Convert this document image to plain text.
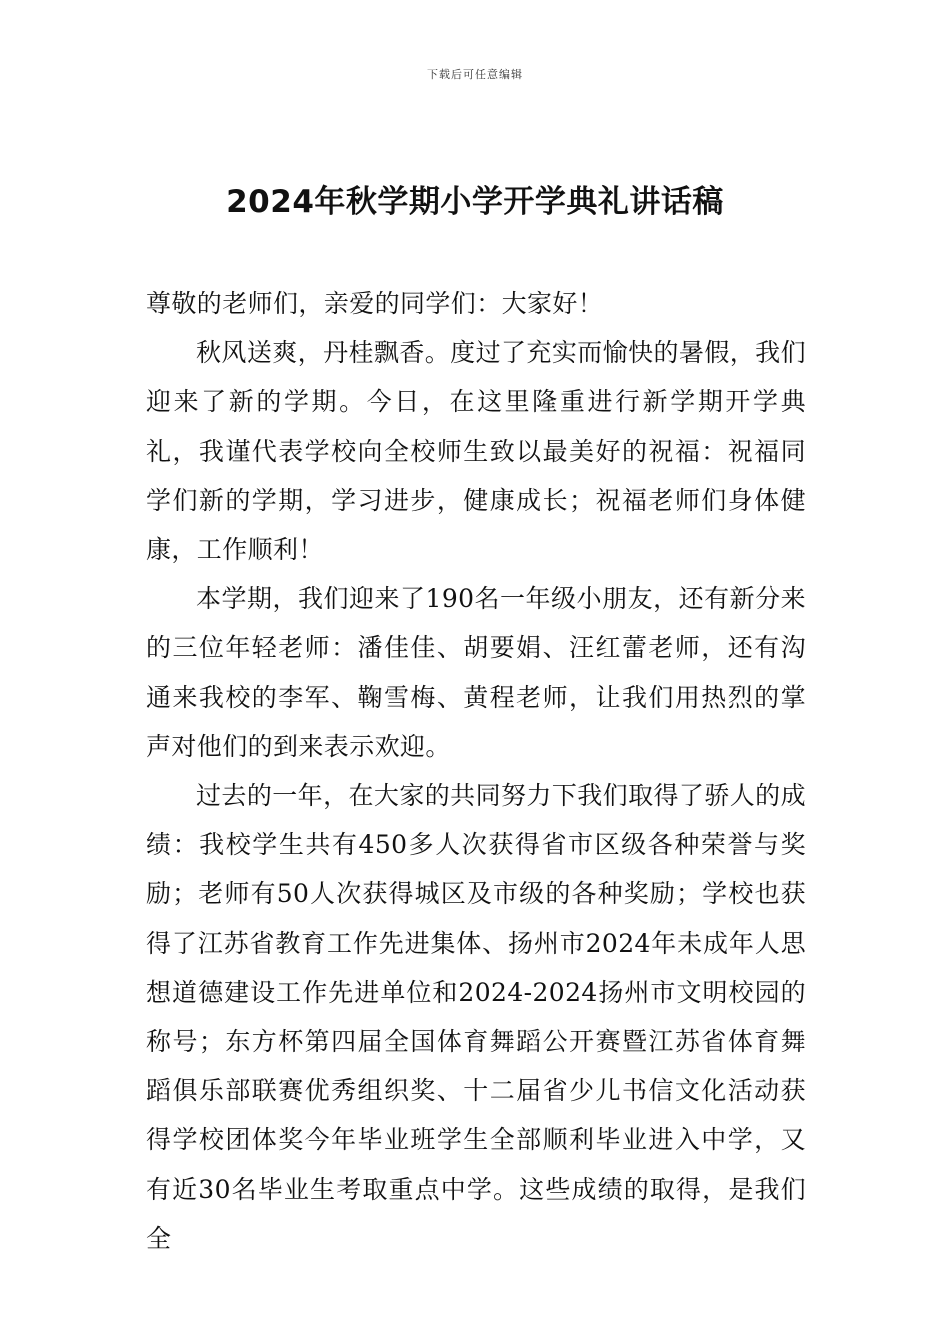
下载后可任意编辑
2024年秋学期小学开学典礼讲话稿

尊敬的老师们，亲爱的同学们：大家好！

秋风送爽，丹桂飘香。度过了充实而愉快的暑假，我们迎来了新的学期。今日，在这里隆重进行新学期开学典礼，我谨代表学校向全校师生致以最美好的祝福：祝福同学们新的学期，学习进步，健康成长；祝福老师们身体健康，工作顺利！

本学期，我们迎来了190名一年级小朋友，还有新分来的三位年轻老师：潘佳佳、胡要娟、汪红蕾老师，还有沟通来我校的李军、鞠雪梅、黄程老师，让我们用热烈的掌声对他们的到来表示欢迎。

过去的一年，在大家的共同努力下我们取得了骄人的成绩：我校学生共有450多人次获得省市区级各种荣誉与奖励；老师有50人次获得城区及市级的各种奖励；学校也获得了江苏省教育工作先进集体、扬州市2024年未成年人思想道德建设工作先进单位和2024-2024扬州市文明校园的称号；东方杯第四届全国体育舞蹈公开赛暨江苏省体育舞蹈俱乐部联赛优秀组织奖、十二届省少儿书信文化活动获得学校团体奖今年毕业班学生全部顺利毕业进入中学，又有近30名毕业生考取重点中学。这些成绩的取得，是我们全
